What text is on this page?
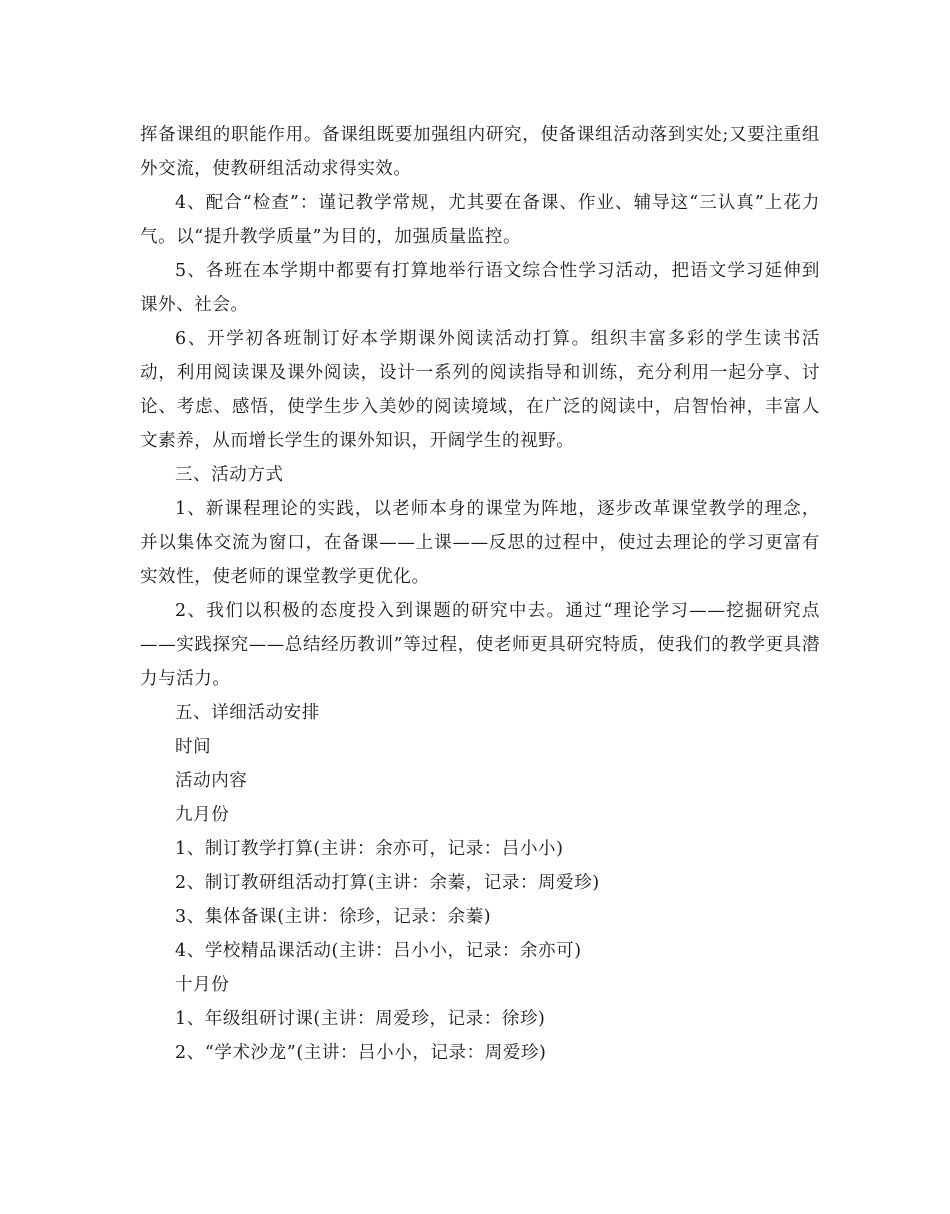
挥备课组的职能作用。备课组既要加强组内研究，使备课组活动落到实处;又要注重组外交流，使教研组活动求得实效。

4、配合“检查”：谨记教学常规，尤其要在备课、作业、辅导这“三认真”上花力气。以“提升教学质量”为目的，加强质量监控。

5、各班在本学期中都要有打算地举行语文综合性学习活动，把语文学习延伸到课外、社会。

6、开学初各班制订好本学期课外阅读活动打算。组织丰富多彩的学生读书活动，利用阅读课及课外阅读，设计一系列的阅读指导和训练，充分利用一起分享、讨论、考虑、感悟，使学生步入美妙的阅读境域，在广泛的阅读中，启智怡神，丰富人文素养，从而增长学生的课外知识，开阔学生的视野。

三、活动方式

1、新课程理论的实践，以老师本身的课堂为阵地，逐步改革课堂教学的理念，并以集体交流为窗口，在备课——上课——反思的过程中，使过去理论的学习更富有实效性，使老师的课堂教学更优化。

2、我们以积极的态度投入到课题的研究中去。通过“理论学习——挖掘研究点——实践探究——总结经历教训”等过程，使老师更具研究特质，使我们的教学更具潜力与活力。

五、详细活动安排

时间

活动内容

九月份

1、制订教学打算(主讲：余亦可，记录：吕小小)

2、制订教研组活动打算(主讲：余蓁，记录：周爱珍)

3、集体备课(主讲：徐珍，记录：余蓁)

4、学校精品课活动(主讲：吕小小，记录：余亦可)

十月份

1、年级组研讨课(主讲：周爱珍，记录：徐珍)

2、“学术沙龙”(主讲：吕小小，记录：周爱珍)
